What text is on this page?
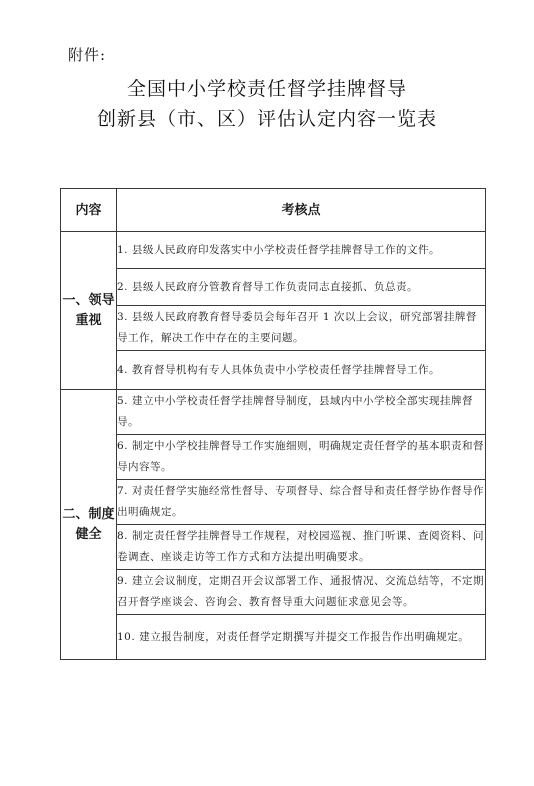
附件:
全国中小学校责任督学挂牌督导
创新县（市、区）评估认定内容一览表
内容	考核点

一、领导
重视	1. 县级人民政府印发落实中小学校责任督学挂牌督导工作的文件。
	2. 县级人民政府分管教育督导工作负责同志直接抓、负总责。
	3. 县级人民政府教育督导委员会每年召开 1 次以上会议，研究部署挂牌督导工作，解决工作中存在的主要问题。
	4. 教育督导机构有专人具体负责中小学校责任督学挂牌督导工作。

二、制度
健全	5. 建立中小学校责任督学挂牌督导制度，县域内中小学校全部实现挂牌督导。
	6. 制定中小学校挂牌督导工作实施细则，明确规定责任督学的基本职责和督导内容等。
	7. 对责任督学实施经常性督导、专项督导、综合督导和责任督学协作督导作出明确规定。
	8. 制定责任督学挂牌督导工作规程，对校园巡视、推门听课、查阅资料、问卷调查、座谈走访等工作方式和方法提出明确要求。
	9. 建立会议制度，定期召开会议部署工作、通报情况、交流总结等，不定期召开督学座谈会、咨询会、教育督导重大问题征求意见会等。
	10. 建立报告制度，对责任督学定期撰写并提交工作报告作出明确规定。
